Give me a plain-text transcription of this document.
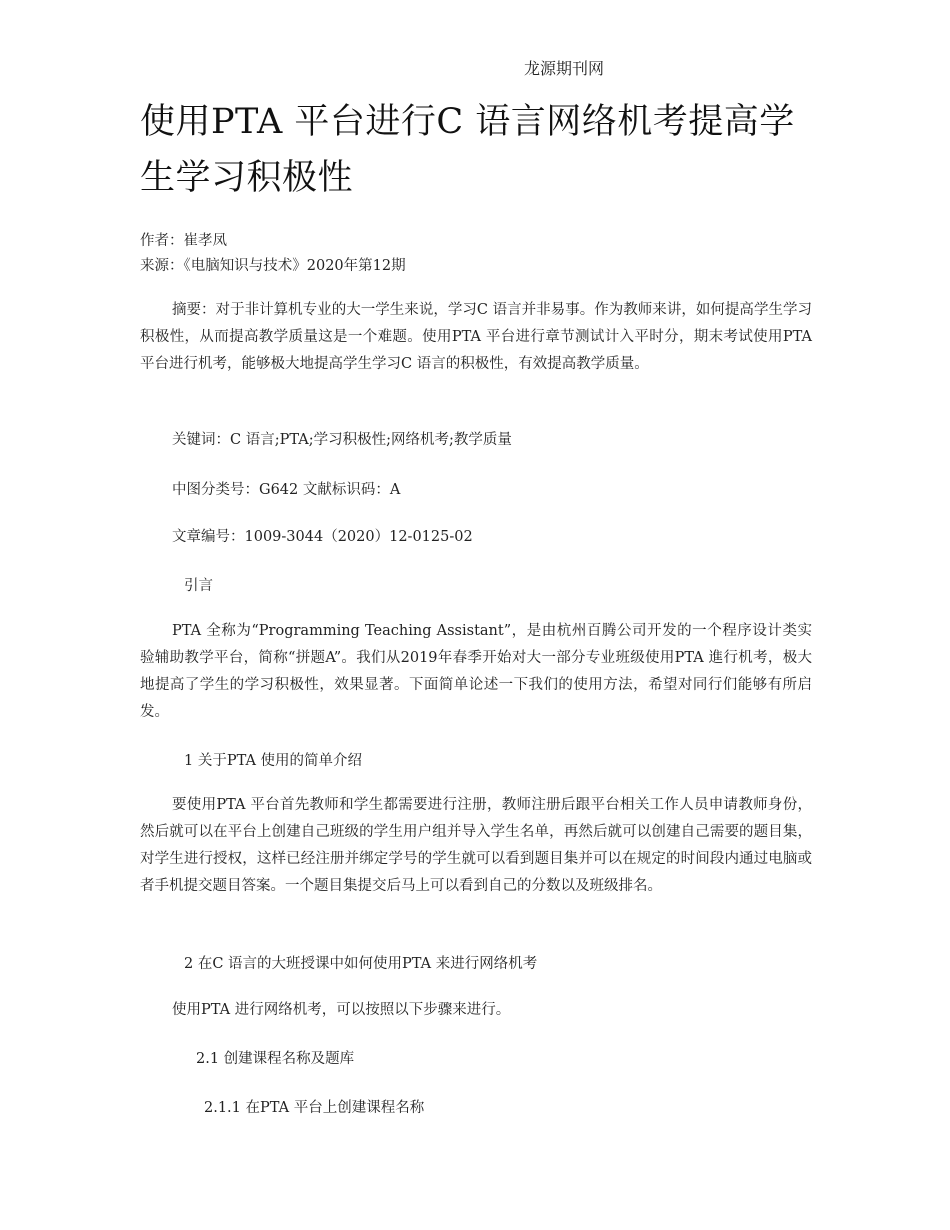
龙源期刊网
使用PTA 平台进行C 语言网络机考提高学生学习积极性
作者：崔孝凤
来源：《电脑知识与技术》2020年第12期

摘要：对于非计算机专业的大一学生来说，学习C 语言并非易事。作为教师来讲，如何提高学生学习积极性，从而提高教学质量这是一个难题。使用PTA 平台进行章节测试计入平时分，期末考试使用PTA 平台进行机考，能够极大地提高学生学习C 语言的积极性，有效提高教学质量。

关键词：C 语言;PTA;学习积极性;网络机考;教学质量
中图分类号：G642 文献标识码：A
文章编号：1009-3044（2020）12-0125-02
引言

PTA 全称为“Programming Teaching Assistant”，是由杭州百腾公司开发的一个程序设计类实验辅助教学平台，简称“拼题A”。我们从2019年春季开始对大一部分专业班级使用PTA 進行机考，极大地提高了学生的学习积极性，效果显著。下面简单论述一下我们的使用方法，希望对同行们能够有所启发。

1 关于PTA 使用的简单介绍

要使用PTA 平台首先教师和学生都需要进行注册，教师注册后跟平台相关工作人员申请教师身份，然后就可以在平台上创建自己班级的学生用户组并导入学生名单，再然后就可以创建自己需要的题目集，对学生进行授权，这样已经注册并绑定学号的学生就可以看到题目集并可以在规定的时间段内通过电脑或者手机提交题目答案。一个题目集提交后马上可以看到自己的分数以及班级排名。

2 在C 语言的大班授课中如何使用PTA 来进行网络机考
使用PTA 进行网络机考，可以按照以下步骤来进行。
2.1 创建课程名称及题库
2.1.1 在PTA 平台上创建课程名称
